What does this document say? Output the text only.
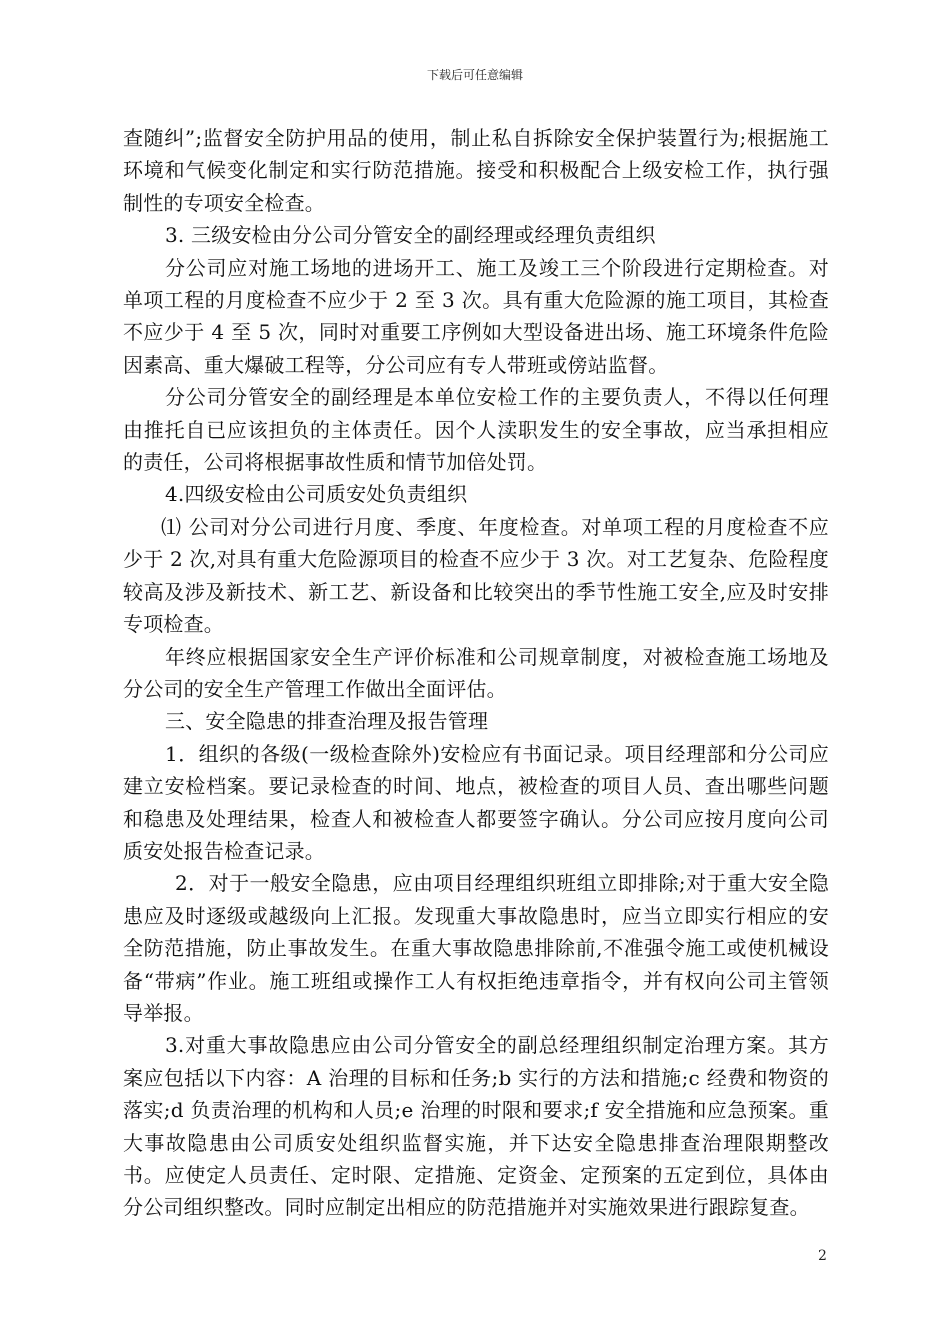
下载后可任意编辑

查随纠”;监督安全防护用品的使用，制止私自拆除安全保护装置行为;根据施工环境和气候变化制定和实行防范措施。接受和积极配合上级安检工作，执行强制性的专项安全检查。

3. 三级安检由分公司分管安全的副经理或经理负责组织

分公司应对施工场地的进场开工、施工及竣工三个阶段进行定期检查。对单项工程的月度检查不应少于 2 至 3 次。具有重大危险源的施工项目，其检查不应少于 4 至 5 次，同时对重要工序例如大型设备进出场、施工环境条件危险因素高、重大爆破工程等，分公司应有专人带班或傍站监督。

分公司分管安全的副经理是本单位安检工作的主要负责人，不得以任何理由推托自已应该担负的主体责任。因个人渎职发生的安全事故，应当承担相应的责任，公司将根据事故性质和情节加倍处罚。

4.四级安检由公司质安处负责组织

⑴ 公司对分公司进行月度、季度、年度检查。对单项工程的月度检查不应少于 2 次,对具有重大危险源项目的检查不应少于 3 次。对工艺复杂、危险程度较高及涉及新技术、新工艺、新设备和比较突出的季节性施工安全,应及时安排专项检查。

年终应根据国家安全生产评价标准和公司规章制度，对被检查施工场地及分公司的安全生产管理工作做出全面评估。

三、安全隐患的排查治理及报告管理

1．组织的各级(一级检查除外)安检应有书面记录。项目经理部和分公司应建立安检档案。要记录检查的时间、地点，被检查的项目人员、查出哪些问题和稳患及处理结果，检查人和被检查人都要签字确认。分公司应按月度向公司质安处报告检查记录。

2．对于一般安全隐患，应由项目经理组织班组立即排除;对于重大安全隐患应及时逐级或越级向上汇报。发现重大事故隐患时，应当立即实行相应的安全防范措施，防止事故发生。在重大事故隐患排除前,不准强令施工或使机械设备“带病”作业。施工班组或操作工人有权拒绝违章指令，并有权向公司主管领导举报。

3.对重大事故隐患应由公司分管安全的副总经理组织制定治理方案。其方案应包括以下内容：A 治理的目标和任务;b 实行的方法和措施;c 经费和物资的落实;d 负责治理的机构和人员;e 治理的时限和要求;f 安全措施和应急预案。重大事故隐患由公司质安处组织监督实施，并下达安全隐患排查治理限期整改书。应使定人员责任、定时限、定措施、定资金、定预案的五定到位，具体由分公司组织整改。同时应制定出相应的防范措施并对实施效果进行跟踪复查。

2
